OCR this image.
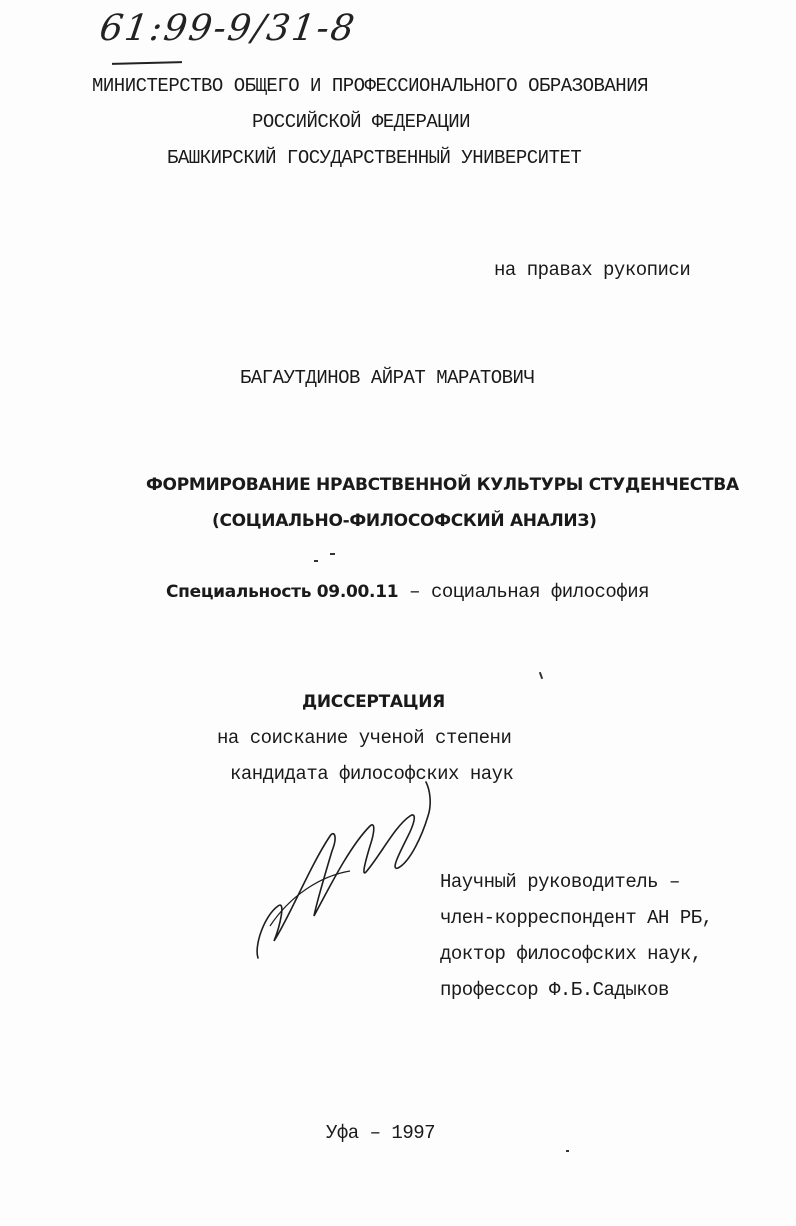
61:99-9/31-8
МИНИСТЕРСТВО ОБЩЕГО И ПРОФЕССИОНАЛЬНОГО ОБРАЗОВАНИЯ
РОССИЙСКОЙ ФЕДЕРАЦИИ
БАШКИРСКИЙ ГОСУДАРСТВЕННЫЙ УНИВЕРСИТЕТ
на правах рукописи
БАГАУТДИНОВ АЙРАТ МАРАТОВИЧ
ФОРМИРОВАНИЕ НРАВСТВЕННОЙ КУЛЬТУРЫ СТУДЕНЧЕСТВА
(СОЦИАЛЬНО-ФИЛОСОФСКИЙ АНАЛИЗ)
Специальность 09.00.11 – социальная философия
ДИССЕРТАЦИЯ
на соискание ученой степени
кандидата философских наук
Научный руководитель –
член-корреспондент АН РБ,
доктор философских наук,
профессор Ф.Б.Садыков
Уфа – 1997
